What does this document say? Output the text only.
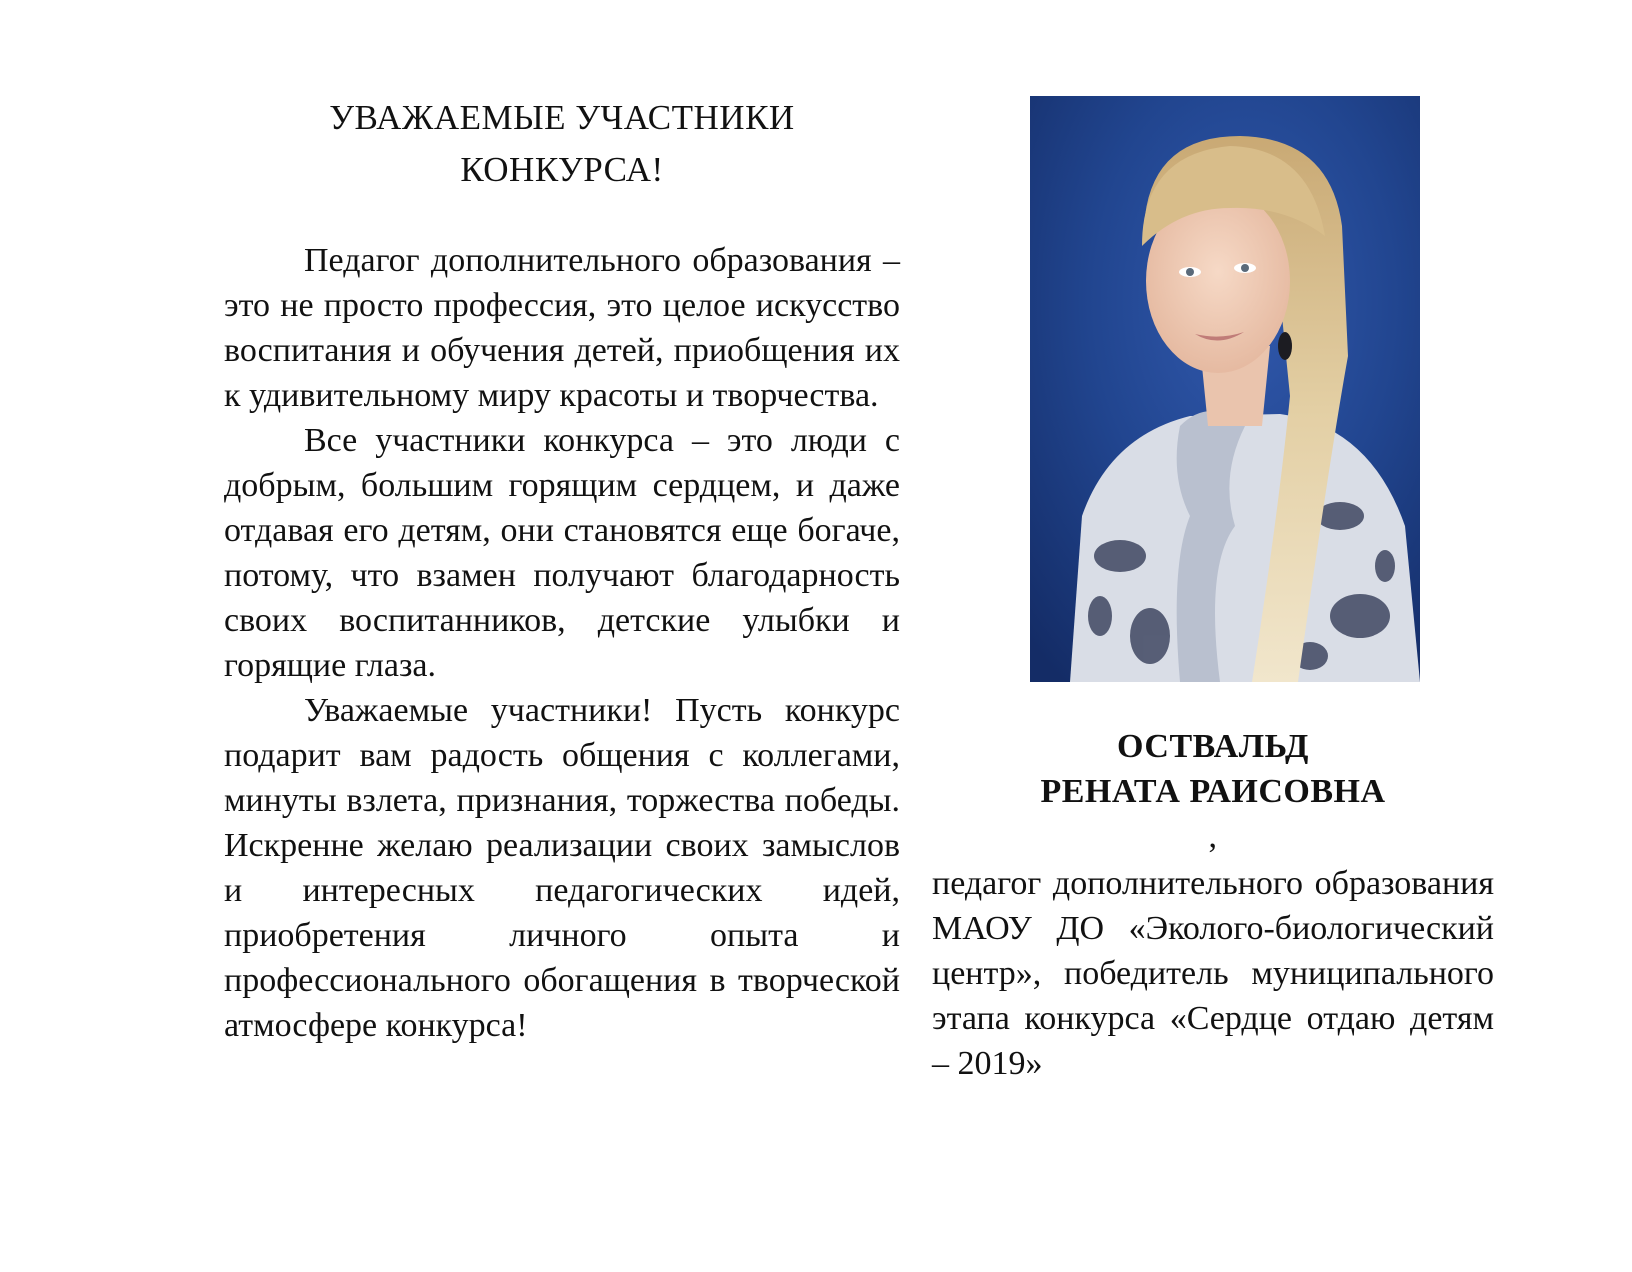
УВАЖАЕМЫЕ УЧАСТНИКИ
КОНКУРСА!

Педагог дополнительного образования – это не просто профессия, это целое искусство воспитания и обучения детей, приобщения их к удивительному миру красоты и творчества.

Все участники конкурса – это люди с добрым, большим горящим сердцем, и даже отдавая его детям, они становятся еще богаче, потому, что взамен получают благодарность своих воспитанников, детские улыбки и горящие глаза.

Уважаемые участники! Пусть конкурс подарит вам радость общения с коллегами, минуты взлета, признания, торжества победы. Искренне желаю реализации своих замыслов и интересных педагогических идей, приобретения личного опыта и профессионального обогащения в творческой атмосфере конкурса!

ОСТВАЛЬД
РЕНАТА РАИСОВНА
,

педагог дополнительного образования МАОУ ДО «Эколого-биологический центр», победитель муниципального этапа конкурса «Сердце отдаю детям – 2019»
